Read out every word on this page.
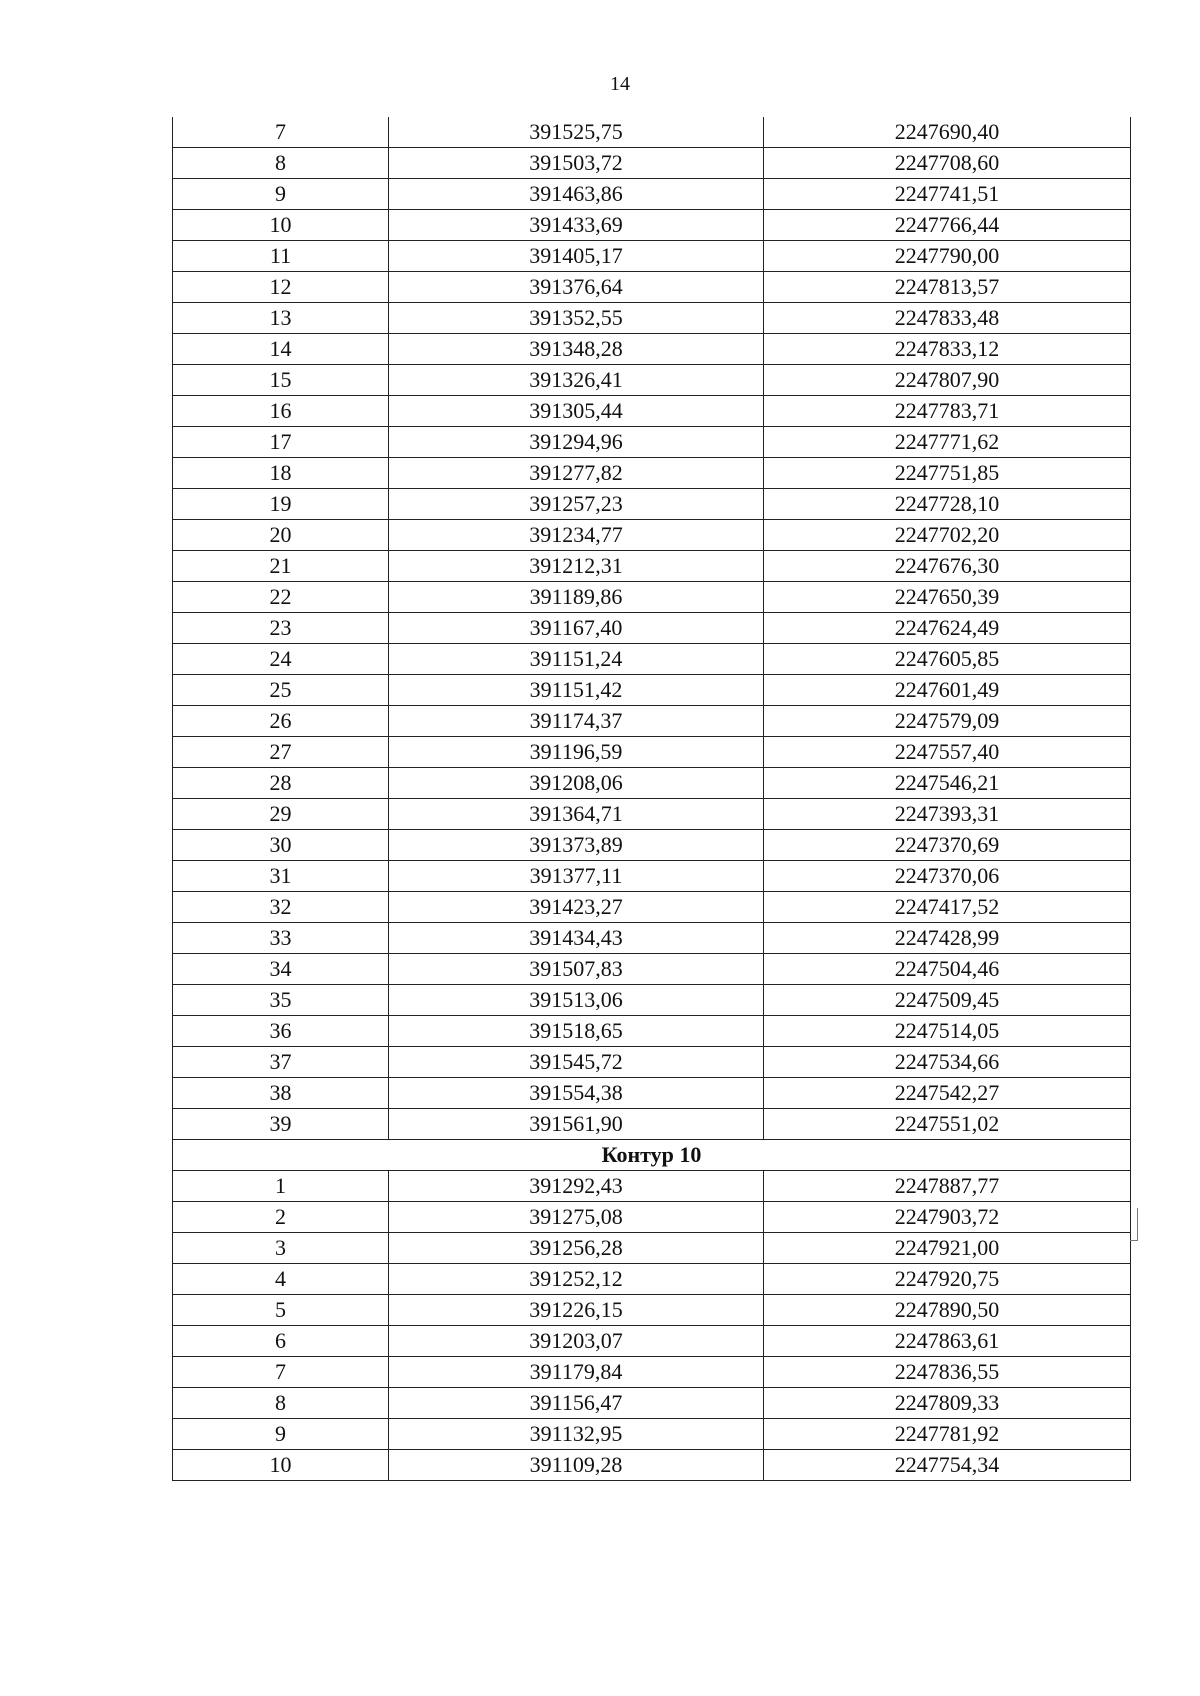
14
7	391525,75	2247690,40
8	391503,72	2247708,60
9	391463,86	2247741,51
10	391433,69	2247766,44
11	391405,17	2247790,00
12	391376,64	2247813,57
13	391352,55	2247833,48
14	391348,28	2247833,12
15	391326,41	2247807,90
16	391305,44	2247783,71
17	391294,96	2247771,62
18	391277,82	2247751,85
19	391257,23	2247728,10
20	391234,77	2247702,20
21	391212,31	2247676,30
22	391189,86	2247650,39
23	391167,40	2247624,49
24	391151,24	2247605,85
25	391151,42	2247601,49
26	391174,37	2247579,09
27	391196,59	2247557,40
28	391208,06	2247546,21
29	391364,71	2247393,31
30	391373,89	2247370,69
31	391377,11	2247370,06
32	391423,27	2247417,52
33	391434,43	2247428,99
34	391507,83	2247504,46
35	391513,06	2247509,45
36	391518,65	2247514,05
37	391545,72	2247534,66
38	391554,38	2247542,27
39	391561,90	2247551,02
Контур 10		
1	391292,43	2247887,77
2	391275,08	2247903,72
3	391256,28	2247921,00
4	391252,12	2247920,75
5	391226,15	2247890,50
6	391203,07	2247863,61
7	391179,84	2247836,55
8	391156,47	2247809,33
9	391132,95	2247781,92
10	391109,28	2247754,34
